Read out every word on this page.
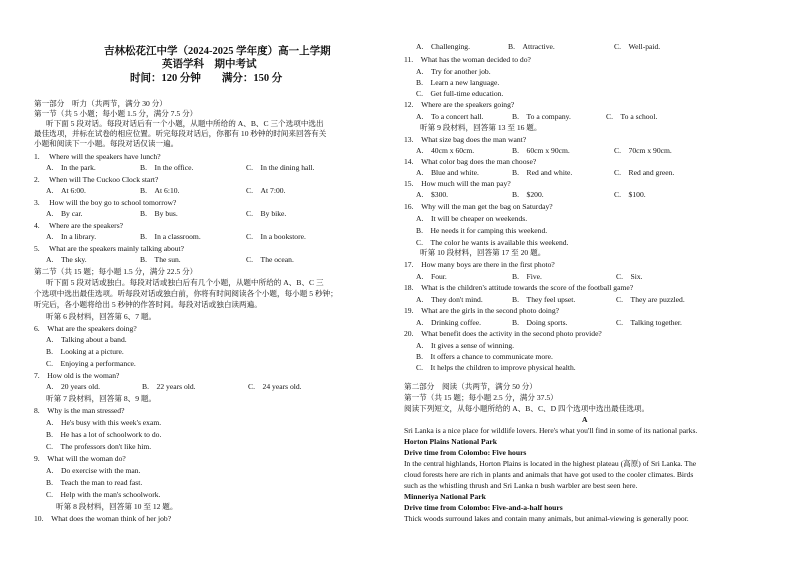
吉林松花江中学（2024-2025 学年度）高一上学期
英语学科　期中考试
时间：120 分钟　　满分：150 分
第一部分　听力（共两节，满分 30 分）
第一节（共 5 小题；每小题 1.5 分，满分 7.5 分）
听下面 5 段对话。每段对话后有一个小题，从题中所给的 A、B、C 三个选项中选出
最佳选项，并标在试卷的相应位置。听完每段对话后，你都有 10 秒钟的时间来回答有关
小题和阅读下一小题。每段对话仅读一遍。
1.　 Where will the speakers have lunch?
A.　In the park.	B.　In the office.	C.　In the dining hall.
2.　 When will The Cuckoo Clock start?
A.　At 6:00.	B.　At 6:10.	C.　At 7:00.
3.　 How will the boy go to school tomorrow?
A.　By car.	B.　By bus.	C.　By bike.
4.　 Where are the speakers?
A.　In a library.	B.　In a classroom.	C.　In a bookstore.
5.　 What are the speakers mainly talking about?
A.　The sky.	B.　The sun.	C.　The ocean.
第二节（共 15 题；每小题 1.5 分，满分 22.5 分）
听下面 5 段对话或独白。每段对话或独白后有几个小题，从题中所给的 A、B、C 三
个选项中选出最佳选项。听每段对话或独白前，你将有时间阅读各个小题，每小题 5 秒钟；
听完后，各小题将给出 5 秒钟的作答时间。每段对话或独白读两遍。
听第 6 段材料，回答第 6、7 题。
6.　What are the speakers doing?
A.　Talking about a band.
B.　Looking at a picture.
C.　Enjoying a performance.
7.　How old is the woman?
A.　20 years old.	B.　22 years old.	C.　24 years old.
听第 7 段材料，回答第 8、9 题。
8.　Why is the man stressed?
A.　He's busy with this week's exam.
B.　He has a lot of schoolwork to do.
C.　The professors don't like him.
9.　What will the woman do?
A.　Do exercise with the man.
B.　Teach the man to read fast.
C.　Help with the man's schoolwork.
听第 8 段材料，回答第 10 至 12 题。
10.　What does the woman think of her job?
A.　Challenging.	B.　Attractive.	C.　Well-paid.
11.　What has the woman decided to do?
A.　Try for another job.
B.　Learn a new language.
C.　Get full-time education.
12.　Where are the speakers going?
A.　To a concert hall.	B.　To a company.	C.　To a school.
听第 9 段材料，回答第 13 至 16 题。
13.　What size bag does the man want?
A.　40cm x 60cm.	B.　60cm x 90cm.	C.　70cm x 90cm.
14.　What color bag does the man choose?
A.　Blue and white.	B.　Red and white.	C.　Red and green.
15.　How much will the man pay?
A.　$300.	B.　$200.	C.　$100.
16.　Why will the man get the bag on Saturday?
A.　It will be cheaper on weekends.
B.　He needs it for camping this weekend.
C.　The color he wants is available this weekend.
听第 10 段材料，回答第 17 至 20 题。
17.　How many boys are there in the first photo?
A.　Four.	B.　Five.	C.　Six.
18.　What is the children's attitude towards the score of the football game?
A.　They don't mind.	B.　They feel upset.	C.　They are puzzled.
19.　What are the girls in the second photo doing?
A.　Drinking coffee.	B.　Doing sports.	C.　Talking together.
20.　What benefit does the activity in the second photo provide?
A.　It gives a sense of winning.
B.　It offers a chance to communicate more.
C.　It helps the children to improve physical health.
第二部分　阅读（共两节，满分 50 分）
第一节（共 15 题；每小题 2.5 分，满分 37.5）
阅读下列短文，从每小题所给的 A、B、C、D 四个选项中选出最佳选项。
A
Sri Lanka is a nice place for wildlife lovers. Here's what you'll find in some of its national parks.
Horton Plains National Park
Drive time from Colombo: Five hours
In the central highlands, Horton Plains is located in the highest plateau (高原) of Sri Lanka. The
cloud forests here are rich in plants and animals that have got used to the cooler climates. Birds
such as the whistling thrush and Sri Lanka n bush warbler are best seen here.
Minneriya National Park
Drive time from Colombo: Five-and-a-half hours
Thick woods surround lakes and contain many animals, but animal-viewing is generally poor.
